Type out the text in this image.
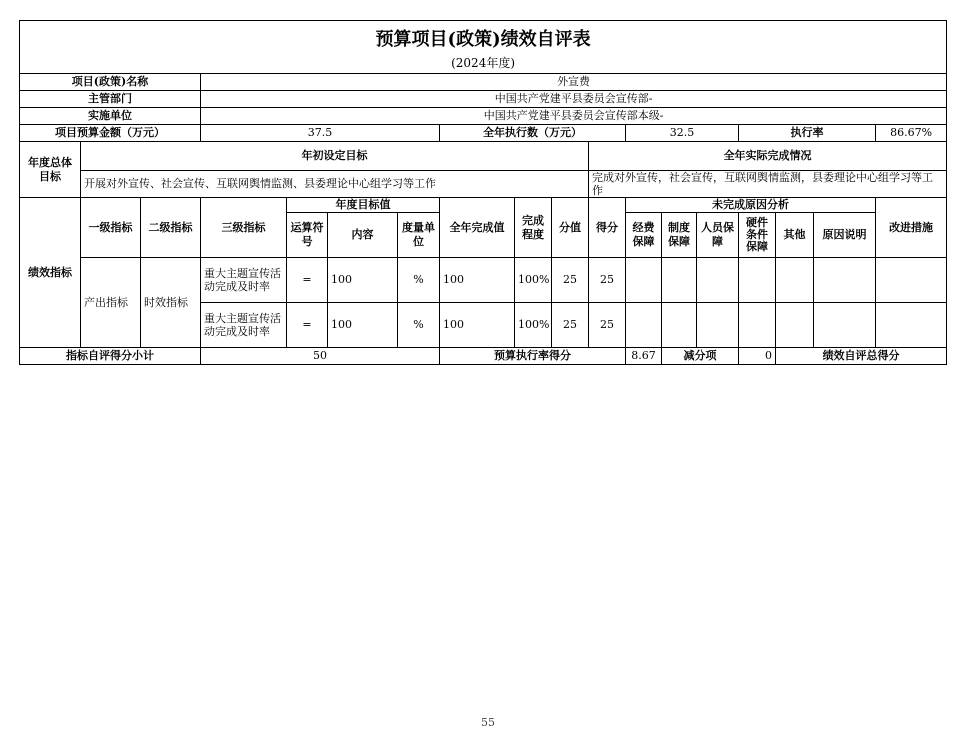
预算项目(政策)绩效自评表																		
(2024年度)																		
项目(政策)名称			外宣费															
主管部门			中国共产党建平县委员会宣传部-															
实施单位			中国共产党建平县委员会宣传部本级-															
项目预算金额（万元）			37.5				全年执行数（万元）				32.5			执行率			86.67%	
年度总体目标	年初设定目标									全年实际完成情况								
	开展对外宣传、社会宣传、互联网舆情监测、县委理论中心组学习等工作									完成对外宣传，社会宣传，互联网舆情监测，县委理论中心组学习等工作								
绩效指标	一级指标	二级指标	三级指标	年度目标值			全年完成值	完成程度	分值	得分	未完成原因分析						改进措施	
				运算符号	内容	度量单位					经费保障	制度保障	人员保障	硬件条件保障	其他	原因说明		
	产出指标	时效指标	重大主题宣传活动完成及时率	=	100	%	100	100%	25	25								
			重大主题宣传活动完成及时率	=	100	%	100	100%	25	25								
指标自评得分小计			50				预算执行率得分				8.67	减分项		0	绩效自评总得分	
55
